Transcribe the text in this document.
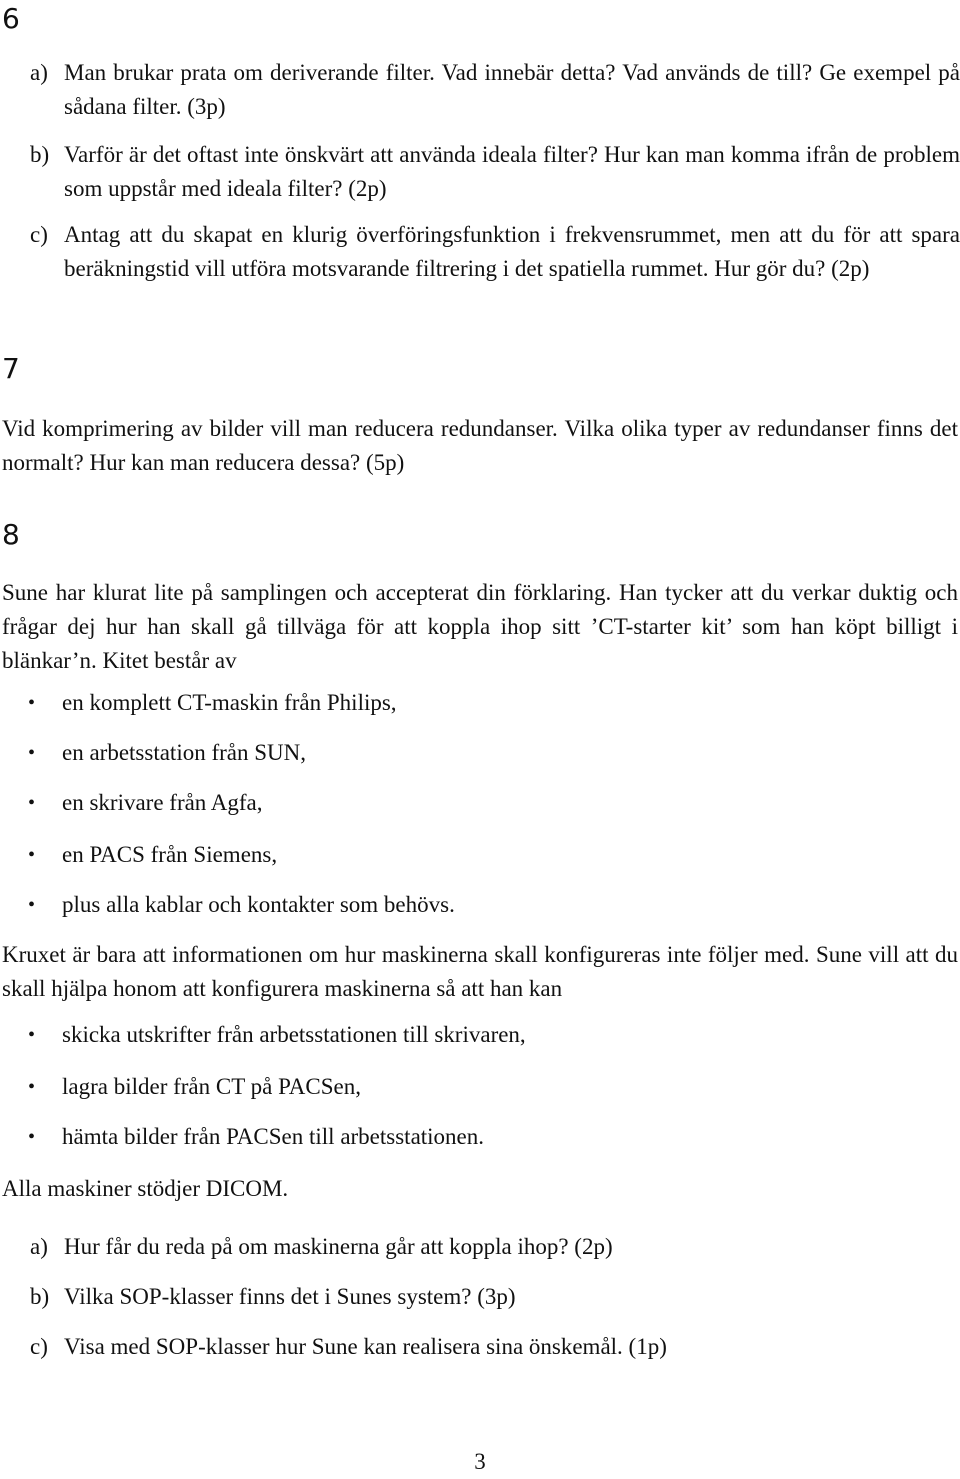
6
a) Man brukar prata om deriverande filter. Vad innebär detta? Vad används de till? Ge exempel på sådana filter. (3p)
b) Varför är det oftast inte önskvärt att använda ideala filter? Hur kan man komma ifrån de problem som uppstår med ideala filter? (2p)
c) Antag att du skapat en klurig överföringsfunktion i frekvensrummet, men att du för att spara beräkningstid vill utföra motsvarande filtrering i det spatiella rummet. Hur gör du? (2p)
7
Vid komprimering av bilder vill man reducera redundanser. Vilka olika typer av redundanser finns det normalt? Hur kan man reducera dessa? (5p)
8
Sune har klurat lite på samplingen och accepterat din förklaring. Han tycker att du verkar duktig och frågar dej hur han skall gå tillväga för att koppla ihop sitt ’CT-starter kit’ som han köpt billigt i blänkar’n. Kitet består av
•	en komplett CT-maskin från Philips,
•	en arbetsstation från SUN,
•	en skrivare från Agfa,
•	en PACS från Siemens,
•	plus alla kablar och kontakter som behövs.
Kruxet är bara att informationen om hur maskinerna skall konfigureras inte följer med. Sune vill att du skall hjälpa honom att konfigurera maskinerna så att han kan
•	skicka utskrifter från arbetsstationen till skrivaren,
•	lagra bilder från CT på PACSen,
•	hämta bilder från PACSen till arbetsstationen.
Alla maskiner stödjer DICOM.
a) Hur får du reda på om maskinerna går att koppla ihop? (2p)
b) Vilka SOP-klasser finns det i Sunes system? (3p)
c) Visa med SOP-klasser hur Sune kan realisera sina önskemål. (1p)
3
